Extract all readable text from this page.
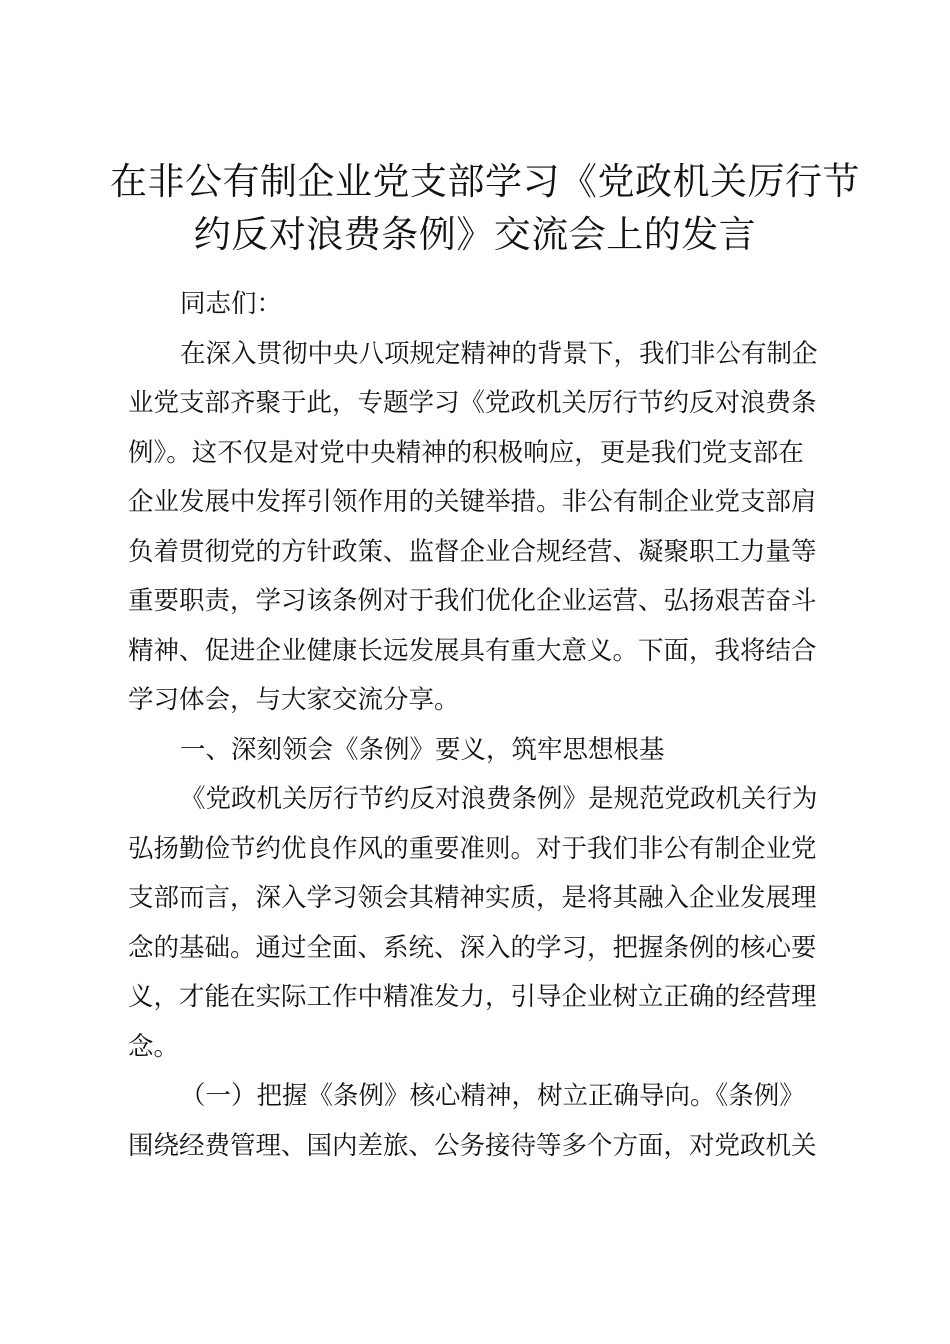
在非公有制企业党支部学习《党政机关厉行节
约反对浪费条例》交流会上的发言
同志们：
在深入贯彻中央八项规定精神的背景下，我们非公有制企
业党支部齐聚于此，专题学习《党政机关厉行节约反对浪费条
例》。这不仅是对党中央精神的积极响应，更是我们党支部在
企业发展中发挥引领作用的关键举措。非公有制企业党支部肩
负着贯彻党的方针政策、监督企业合规经营、凝聚职工力量等
重要职责，学习该条例对于我们优化企业运营、弘扬艰苦奋斗
精神、促进企业健康长远发展具有重大意义。下面，我将结合
学习体会，与大家交流分享。
一、深刻领会《条例》要义，筑牢思想根基
《党政机关厉行节约反对浪费条例》是规范党政机关行为
弘扬勤俭节约优良作风的重要准则。对于我们非公有制企业党
支部而言，深入学习领会其精神实质，是将其融入企业发展理
念的基础。通过全面、系统、深入的学习，把握条例的核心要
义，才能在实际工作中精准发力，引导企业树立正确的经营理
念。
（一）把握《条例》核心精神，树立正确导向。《条例》
围绕经费管理、国内差旅、公务接待等多个方面，对党政机关
